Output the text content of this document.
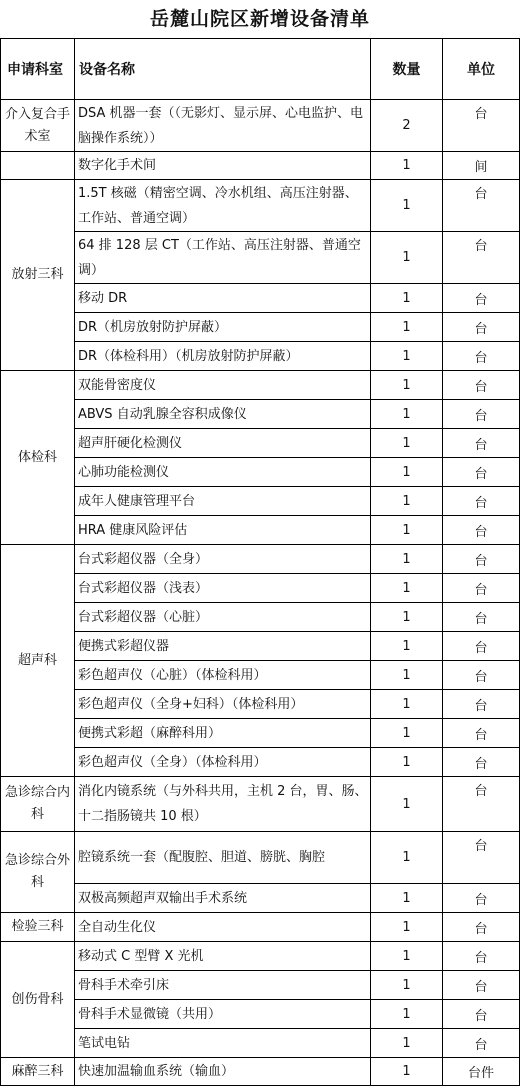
岳麓山院区新增设备清单
申请科室	设备名称	数量	单位
介入复合手术室	DSA 机器一套（（无影灯、显示屏、心电监护、电脑操作系统））	2	台
	数字化手术间	1	间
放射三科	1.5T 核磁（精密空调、冷水机组、高压注射器、工作站、普通空调）	1	台
	64 排 128 层 CT（工作站、高压注射器、普通空调）	1	台
	移动 DR	1	台
	DR（机房放射防护屏蔽）	1	台
	DR（体检科用）（机房放射防护屏蔽）	1	台
体检科	双能骨密度仪	1	台
	ABVS 自动乳腺全容积成像仪	1	台
	超声肝硬化检测仪	1	台
	心肺功能检测仪	1	台
	成年人健康管理平台	1	台
	HRA 健康风险评估	1	台
超声科	台式彩超仪器（全身）	1	台
	台式彩超仪器（浅表）	1	台
	台式彩超仪器（心脏）	1	台
	便携式彩超仪器	1	台
	彩色超声仪（心脏）（体检科用）	1	台
	彩色超声仪（全身+妇科）（体检科用）	1	台
	便携式彩超（麻醉科用）	1	台
	彩色超声仪（全身）（体检科用）	1	台
急诊综合内科	消化内镜系统（与外科共用，主机 2 台，胃、肠、十二指肠镜共 10 根）	1	台
急诊综合外科	腔镜系统一套（配腹腔、胆道、膀胱、胸腔	1	台
	双极高频超声双输出手术系统	1	台
检验三科	全自动生化仪	1	台
创伤骨科	移动式 C 型臂 X 光机	1	台
	骨科手术牵引床	1	台
	骨科手术显微镜（共用）	1	台
	笔试电钻	1	台
麻醉三科	快速加温输血系统（输血）	1	台件
